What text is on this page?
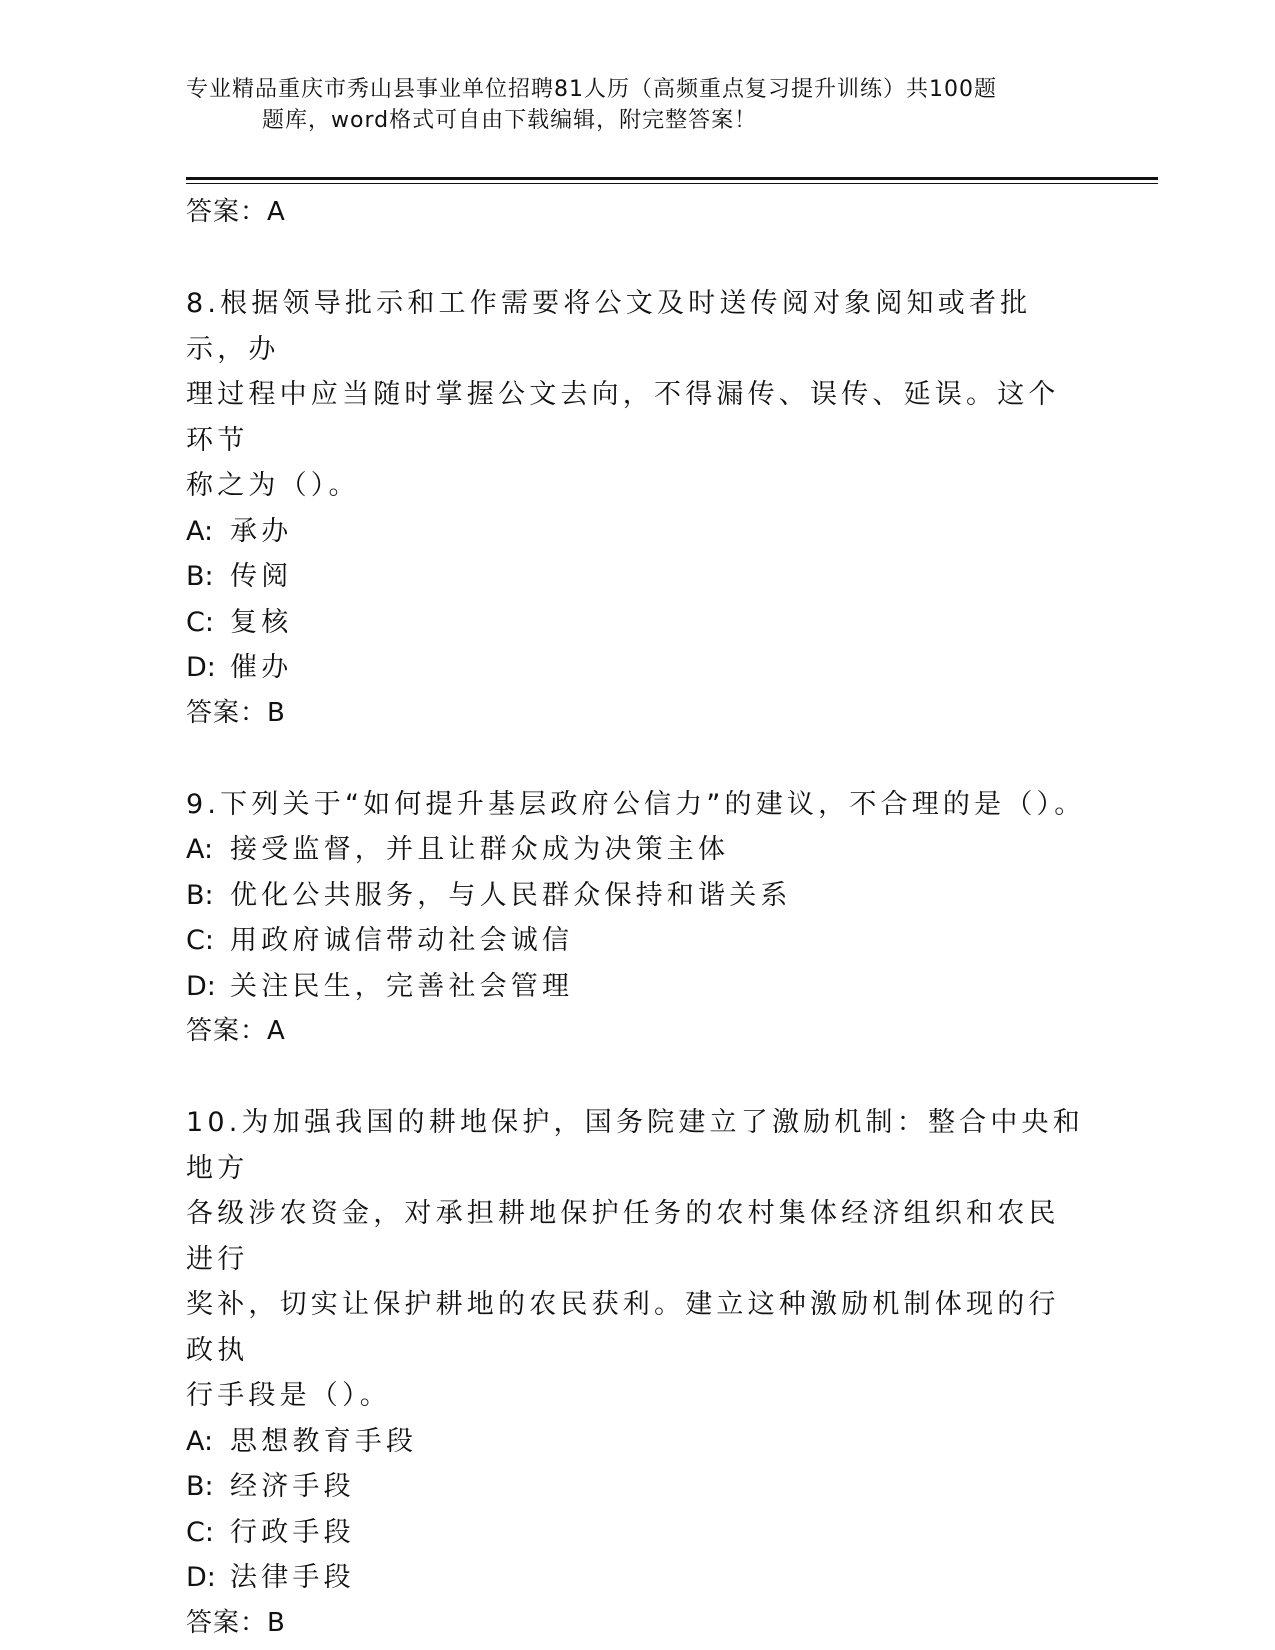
专业精品重庆市秀山县事业单位招聘81人历（高频重点复习提升训练）共100题
题库，word格式可自由下载编辑，附完整答案！
答案：A

8.根据领导批示和工作需要将公文及时送传阅对象阅知或者批示，办

理过程中应当随时掌握公文去向，不得漏传、误传、延误。这个环节

称之为（）。

A: 承办
B: 传阅
C: 复核
D: 催办
答案：B

9.下列关于“如何提升基层政府公信力”的建议，不合理的是（）。

A: 接受监督，并且让群众成为决策主体
B: 优化公共服务，与人民群众保持和谐关系
C: 用政府诚信带动社会诚信
D: 关注民生，完善社会管理
答案：A

10.为加强我国的耕地保护，国务院建立了激励机制：整合中央和地方

各级涉农资金，对承担耕地保护任务的农村集体经济组织和农民进行

奖补，切实让保护耕地的农民获利。建立这种激励机制体现的行政执

行手段是（）。

A: 思想教育手段
B: 经济手段
C: 行政手段
D: 法律手段
答案：B
